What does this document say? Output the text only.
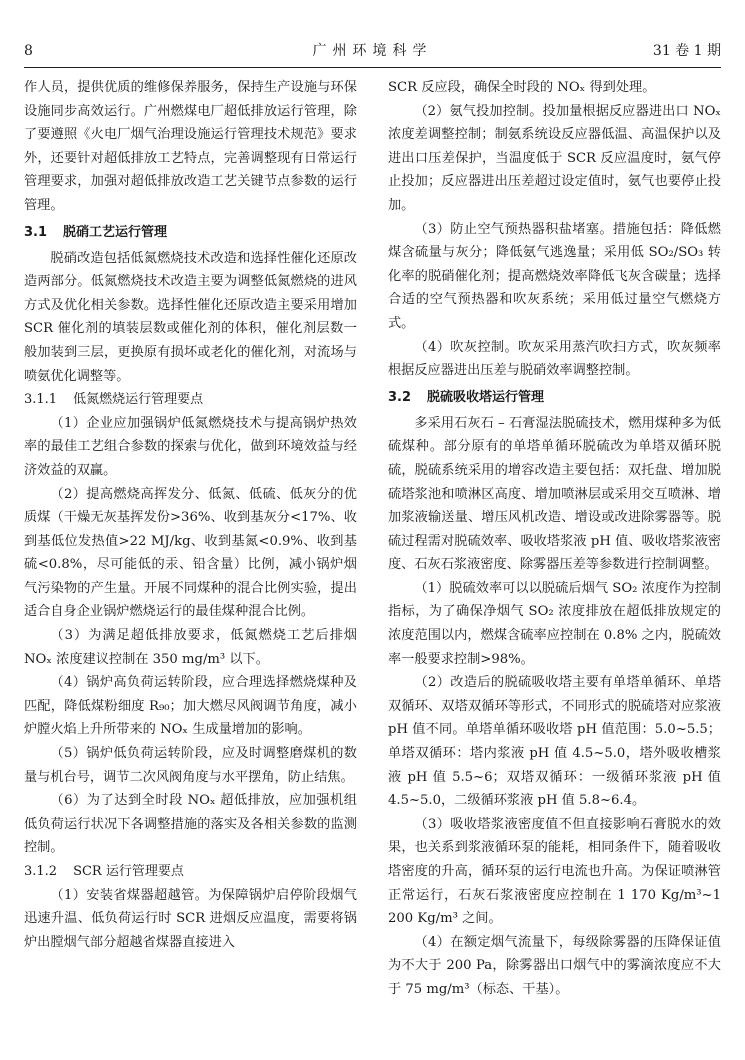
8	广州环境科学	31 卷 1 期

作人员，提供优质的维修保养服务，保持生产设施与环保设施同步高效运行。广州燃煤电厂超低排放运行管理，除了要遵照《火电厂烟气治理设施运行管理技术规范》要求外，还要针对超低排放工艺特点，完善调整现有日常运行管理要求，加强对超低排放改造工艺关键节点参数的运行管理。

3.1 脱硝工艺运行管理

脱硝改造包括低氮燃烧技术改造和选择性催化还原改造两部分。低氮燃烧技术改造主要为调整低氮燃烧的进风方式及优化相关参数。选择性催化还原改造主要采用增加 SCR 催化剂的填装层数或催化剂的体积，催化剂层数一般加装到三层，更换原有损坏或老化的催化剂，对流场与喷氨优化调整等。

3.1.1 低氮燃烧运行管理要点

（1）企业应加强锅炉低氮燃烧技术与提高锅炉热效率的最佳工艺组合参数的探索与优化，做到环境效益与经济效益的双赢。

（2）提高燃烧高挥发分、低氮、低硫、低灰分的优质煤（干燥无灰基挥发份>36%、收到基灰分<17%、收到基低位发热值>22 MJ/kg、收到基氮<0.9%、收到基硫<0.8%，尽可能低的汞、铅含量）比例，减小锅炉烟气污染物的产生量。开展不同煤种的混合比例实验，提出适合自身企业锅炉燃烧运行的最佳煤种混合比例。

（3）为满足超低排放要求，低氮燃烧工艺后排烟 NOₓ 浓度建议控制在 350 mg/m³ 以下。

（4）锅炉高负荷运转阶段，应合理选择燃烧煤种及匹配，降低煤粉细度 R₉₀；加大燃尽风阀调节角度，减小炉膛火焰上升所带来的 NOₓ 生成量增加的影响。

（5）锅炉低负荷运转阶段，应及时调整磨煤机的数量与机台号，调节二次风阀角度与水平摆角，防止结焦。

（6）为了达到全时段 NOₓ 超低排放，应加强机组低负荷运行状况下各调整措施的落实及各相关参数的监测控制。

3.1.2 SCR 运行管理要点

（1）安装省煤器超越管。为保障锅炉启停阶段烟气迅速升温、低负荷运行时 SCR 进烟反应温度，需要将锅炉出膛烟气部分超越省煤器直接进入

SCR 反应段，确保全时段的 NOₓ 得到处理。

（2）氨气投加控制。投加量根据反应器进出口 NOₓ 浓度差调整控制；制氨系统设反应器低温、高温保护以及进出口压差保护，当温度低于 SCR 反应温度时，氨气停止投加；反应器进出压差超过设定值时，氨气也要停止投加。

（3）防止空气预热器积盐堵塞。措施包括：降低燃煤含硫量与灰分；降低氨气逃逸量；采用低 SO₂/SO₃ 转化率的脱硝催化剂；提高燃烧效率降低飞灰含碳量；选择合适的空气预热器和吹灰系统；采用低过量空气燃烧方式。

（4）吹灰控制。吹灰采用蒸汽吹扫方式，吹灰频率根据反应器进出压差与脱硝效率调整控制。

3.2 脱硫吸收塔运行管理

多采用石灰石 – 石膏湿法脱硫技术，燃用煤种多为低硫煤种。部分原有的单塔单循环脱硫改为单塔双循环脱硫，脱硫系统采用的增容改造主要包括：双托盘、增加脱硫塔浆池和喷淋区高度、增加喷淋层或采用交互喷淋、增加浆液输送量、增压风机改造、增设或改进除雾器等。脱硫过程需对脱硫效率、吸收塔浆液 pH 值、吸收塔浆液密度、石灰石浆液密度、除雾器压差等参数进行控制调整。

（1）脱硫效率可以以脱硫后烟气 SO₂ 浓度作为控制指标，为了确保净烟气 SO₂ 浓度排放在超低排放规定的浓度范围以内，燃煤含硫率应控制在 0.8% 之内，脱硫效率一般要求控制>98%。

（2）改造后的脱硫吸收塔主要有单塔单循环、单塔双循环、双塔双循环等形式，不同形式的脱硫塔对应浆液 pH 值不同。单塔单循环吸收塔 pH 值范围：5.0~5.5；单塔双循环：塔内浆液 pH 值 4.5~5.0，塔外吸收槽浆液 pH 值 5.5~6；双塔双循环：一级循环浆液 pH 值 4.5~5.0，二级循环浆液 pH 值 5.8~6.4。

（3）吸收塔浆液密度值不但直接影响石膏脱水的效果，也关系到浆液循环泵的能耗，相同条件下，随着吸收塔密度的升高，循环泵的运行电流也升高。为保证喷淋管正常运行，石灰石浆液密度应控制在 1 170 Kg/m³~1 200 Kg/m³ 之间。

（4）在额定烟气流量下，每级除雾器的压降保证值为不大于 200 Pa，除雾器出口烟气中的雾滴浓度应不大于 75 mg/m³（标态、干基）。
